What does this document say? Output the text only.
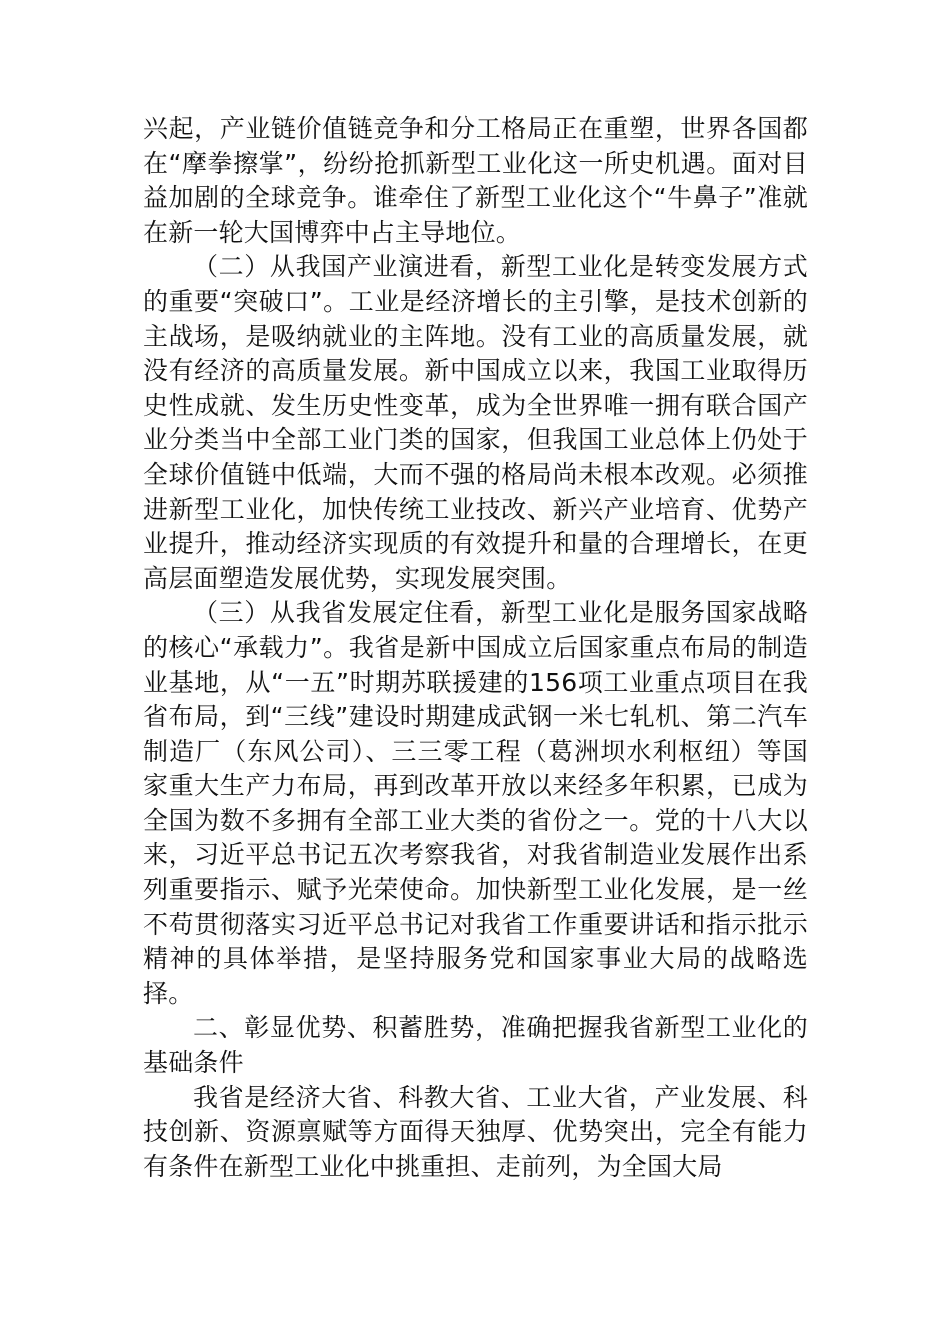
兴起，产业链价值链竞争和分工格局正在重塑，世界各国都在“摩拳擦掌”，纷纷抢抓新型工业化这一所史机遇。面对目益加剧的全球竞争。谁牵住了新型工业化这个“牛鼻子”准就在新一轮大国博弈中占主导地位。

（二）从我国产业演进看，新型工业化是转变发展方式的重要“突破口”。工业是经济增长的主引擎，是技术创新的主战场，是吸纳就业的主阵地。没有工业的高质量发展，就没有经济的高质量发展。新中国成立以来，我国工业取得历史性成就、发生历史性变革，成为全世界唯一拥有联合国产业分类当中全部工业门类的国家，但我国工业总体上仍处于全球价值链中低端，大而不强的格局尚未根本改观。必须推进新型工业化，加快传统工业技改、新兴产业培育、优势产业提升，推动经济实现质的有效提升和量的合理增长，在更高层面塑造发展优势，实现发展突围。

（三）从我省发展定住看，新型工业化是服务国家战略的核心“承载力”。我省是新中国成立后国家重点布局的制造业基地，从“一五”时期苏联援建的156项工业重点项目在我省布局，到“三线”建设时期建成武钢一米七轧机、第二汽车制造厂（东风公司）、三三零工程（葛洲坝水利枢纽）等国家重大生产力布局，再到改革开放以来经多年积累，已成为全国为数不多拥有全部工业大类的省份之一。党的十八大以来，习近平总书记五次考察我省，对我省制造业发展作出系列重要指示、赋予光荣使命。加快新型工业化发展，是一丝不苟贯彻落实习近平总书记对我省工作重要讲话和指示批示精神的具体举措，是坚持服务党和国家事业大局的战略选择。

二、彰显优势、积蓄胜势，准确把握我省新型工业化的基础条件

我省是经济大省、科教大省、工业大省，产业发展、科技创新、资源禀赋等方面得天独厚、优势突出，完全有能力有条件在新型工业化中挑重担、走前列，为全国大局
